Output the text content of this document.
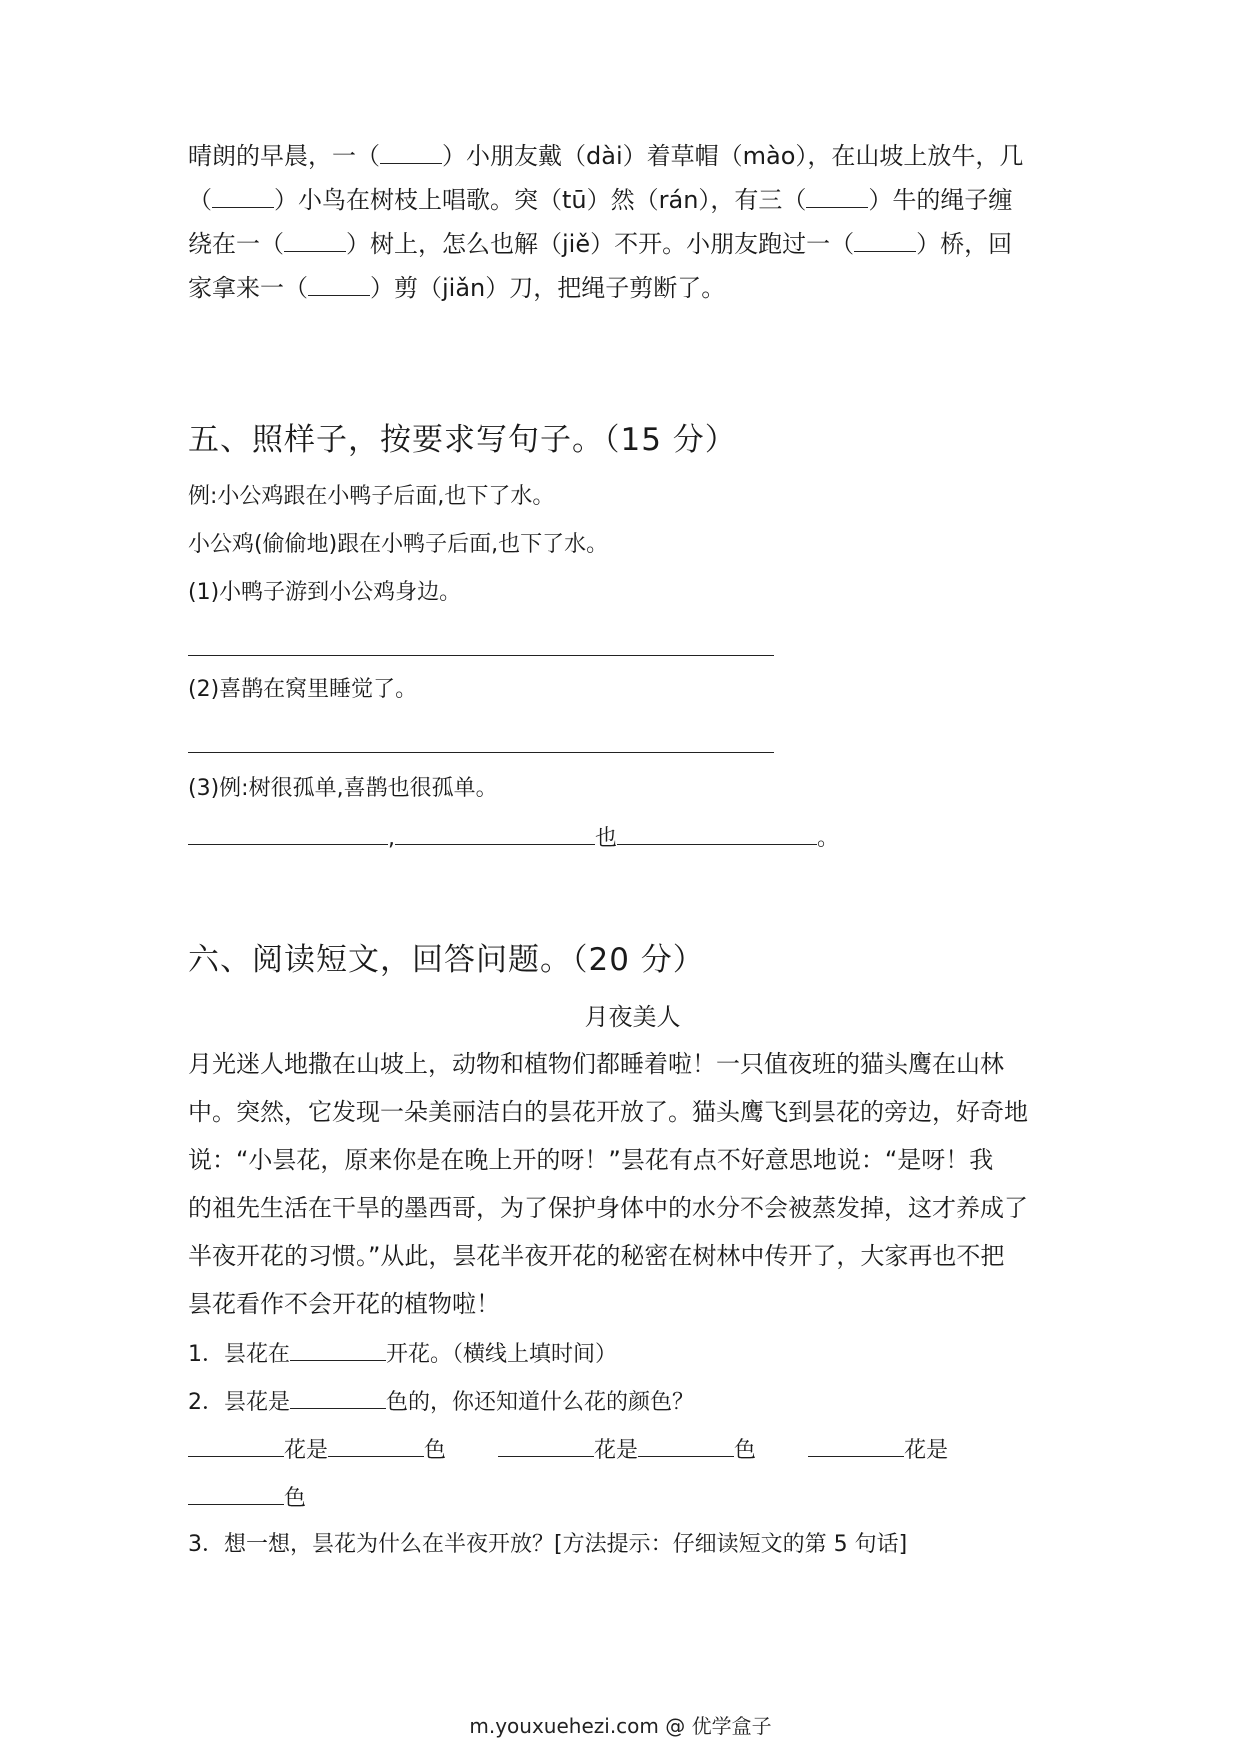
晴朗的早晨，一（	）小朋友戴（dài）着草帽（mào），在山坡上放牛，几
（	）小鸟在树枝上唱歌。突（tū）然（rán），有三（	）牛的绳子缠
绕在一（	）树上，怎么也解（jiě）不开。小朋友跑过一（	）桥，回
家拿来一（	）剪（jiǎn）刀，把绳子剪断了。
五、照样子，按要求写句子。（15 分）
例:小公鸡跟在小鸭子后面,也下了水。
小公鸡(偷偷地)跟在小鸭子后面,也下了水。
(1)小鸭子游到小公鸡身边。
(2)喜鹊在窝里睡觉了。
(3)例:树很孤单,喜鹊也很孤单。
,	也	。
六、阅读短文，回答问题。（20 分）
月夜美人
月光迷人地撒在山坡上，动物和植物们都睡着啦！一只值夜班的猫头鹰在山林
中。突然，它发现一朵美丽洁白的昙花开放了。猫头鹰飞到昙花的旁边，好奇地
说：“小昙花，原来你是在晚上开的呀！”昙花有点不好意思地说：“是呀！我
的祖先生活在干旱的墨西哥，为了保护身体中的水分不会被蒸发掉，这才养成了
半夜开花的习惯。”从此，昙花半夜开花的秘密在树林中传开了，大家再也不把
昙花看作不会开花的植物啦！
1．昙花在	开花。（横线上填时间）
2．昙花是	色的，你还知道什么花的颜色？
花是	色	花是	色	花是
色
3．想一想，昙花为什么在半夜开放？[方法提示：仔细读短文的第 5 句话]
m.youxuehezi.com @ 优学盒子
